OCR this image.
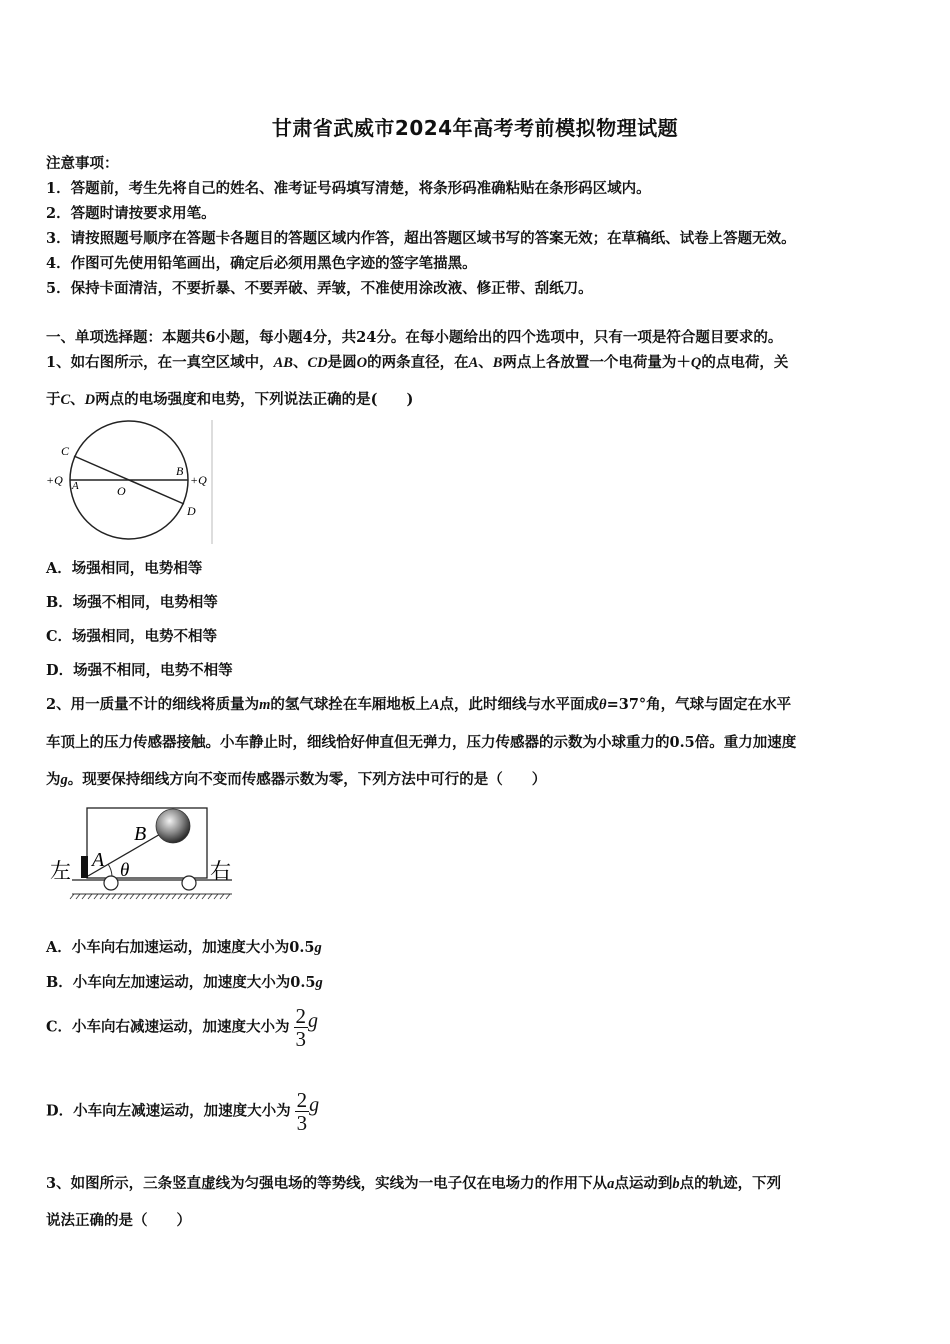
甘肃省武威市2024年高考考前模拟物理试题
注意事项：
1．答题前，考生先将自己的姓名、准考证号码填写清楚，将条形码准确粘贴在条形码区域内。
2．答题时请按要求用笔。
3．请按照题号顺序在答题卡各题目的答题区域内作答，超出答题区域书写的答案无效；在草稿纸、试卷上答题无效。
4．作图可先使用铅笔画出，确定后必须用黑色字迹的签字笔描黑。
5．保持卡面清洁，不要折暴、不要弄破、弄皱，不准使用涂改液、修正带、刮纸刀。
一、单项选择题：本题共6小题，每小题4分，共24分。在每小题给出的四个选项中，只有一项是符合题目要求的。
1、如右图所示，在一真空区域中，AB、CD是圆O的两条直径，在A、B两点上各放置一个电荷量为＋Q的点电荷，关
于C、D两点的电场强度和电势，下列说法正确的是(　　)
C
+Q A	O
B
+Q
D
A．场强相同，电势相等
B．场强不相同，电势相等
C．场强相同，电势不相等
D．场强不相同，电势不相等
2、用一质量不计的细线将质量为m的氢气球拴在车厢地板上A点，此时细线与水平面成θ=37°角，气球与固定在水平
车顶上的压力传感器接触。小车静止时，细线恰好伸直但无弹力，压力传感器的示数为小球重力的0.5倍。重力加速度
为g。现要保持细线方向不变而传感器示数为零，下列方法中可行的是（　　）
左	右
A
B
θ
A．小车向右加速运动，加速度大小为0.5g
B．小车向左加速运动，加速度大小为0.5g
C．小车向右减速运动，加速度大小为 $\frac{2}{3}$ g
D．小车向左减速运动，加速度大小为 $\frac{2}{3}$ g
3、如图所示，三条竖直虚线为匀强电场的等势线，实线为一电子仅在电场力的作用下从a点运动到b点的轨迹，下列
说法正确的是（　　）
